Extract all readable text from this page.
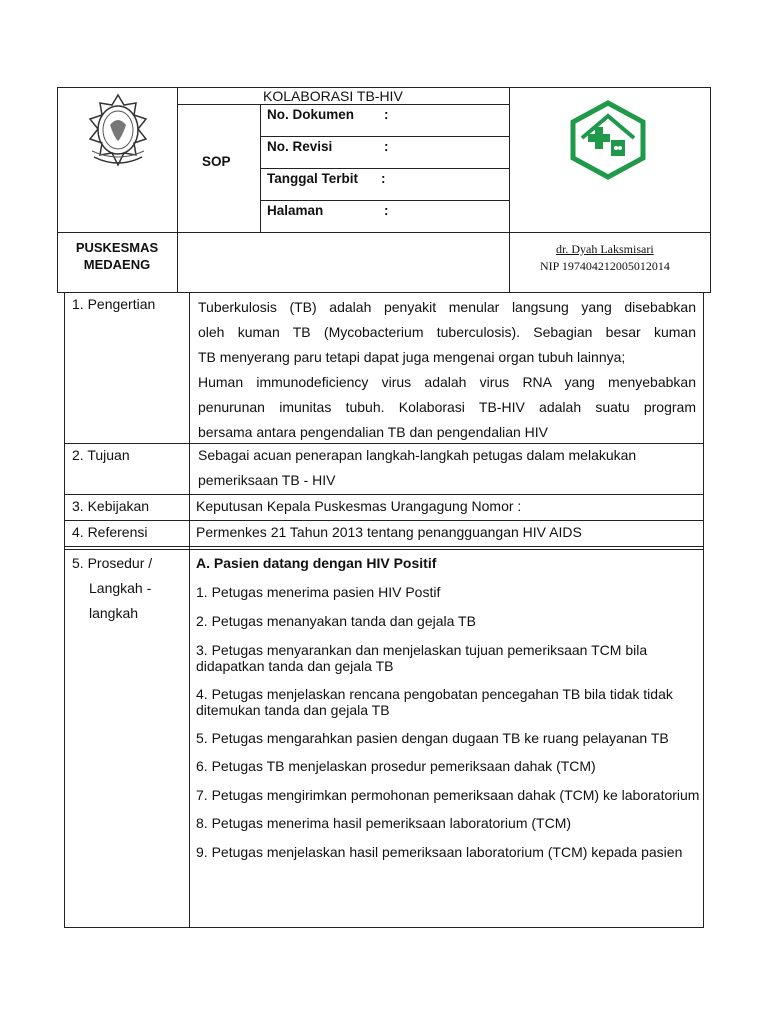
KOLABORASI TB-HIV
SOP
No. Dokumen :
No. Revisi	:
Tanggal Terbit :
Halaman	:
PUSKESMAS
MEDAENG
dr. Dyah Laksmisari
NIP 197404212005012014
1. Pengertian	Tuberkulosis (TB) adalah penyakit menular langsung yang disebabkan
oleh kuman TB (Mycobacterium tuberculosis). Sebagian besar kuman
TB menyerang paru tetapi dapat juga mengenai organ tubuh lainnya;
Human immunodeficiency virus adalah virus RNA yang menyebabkan
penurunan imunitas tubuh. Kolaborasi TB-HIV adalah suatu program
bersama antara pengendalian TB dan pengendalian HIV
2. Tujuan	Sebagai acuan penerapan langkah-langkah petugas dalam melakukan
pemeriksaan TB - HIV
3. Kebijakan	Keputusan Kepala Puskesmas Urangagung Nomor :
4. Referensi	Permenkes 21 Tahun 2013 tentang penangguangan HIV AIDS
5. Prosedur /
Langkah -
langkah
A. Pasien datang dengan HIV Positif
1. Petugas menerima pasien HIV Postif
2. Petugas menanyakan tanda dan gejala TB
3. Petugas menyarankan dan menjelaskan tujuan pemeriksaan TCM bila didapatkan tanda dan gejala TB
4. Petugas menjelaskan rencana pengobatan pencegahan TB bila tidak tidak ditemukan tanda dan gejala TB
5. Petugas mengarahkan pasien dengan dugaan TB ke ruang pelayanan TB
6. Petugas TB menjelaskan prosedur pemeriksaan dahak (TCM)
7. Petugas mengirimkan permohonan pemeriksaan dahak (TCM) ke laboratorium
8. Petugas menerima hasil pemeriksaan laboratorium (TCM)
9. Petugas menjelaskan hasil pemeriksaan laboratorium (TCM) kepada pasien
